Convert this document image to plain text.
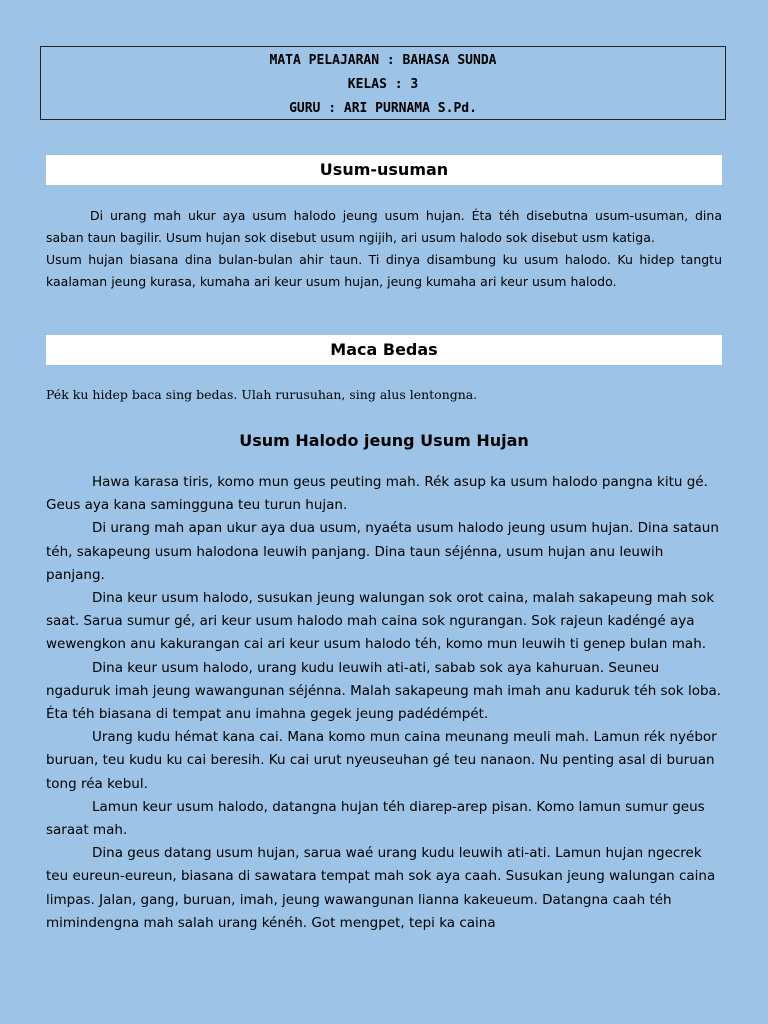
MATA PELAJARAN : BAHASA SUNDA
KELAS : 3
GURU : ARI PURNAMA S.Pd.
Usum-usuman

Di urang mah ukur aya usum halodo jeung usum hujan. Éta téh disebutna usum-usuman, dina saban taun bagilir. Usum hujan sok disebut usum ngijih, ari usum halodo sok disebut usm katiga.

Usum hujan biasana dina bulan-bulan ahir taun. Ti dinya disambung ku usum halodo. Ku hidep tangtu kaalaman jeung kurasa, kumaha ari keur usum hujan, jeung kumaha ari keur usum halodo.

Maca Bedas
Pék ku hidep baca sing bedas. Ulah rurusuhan, sing alus lentongna.
Usum Halodo jeung Usum Hujan

Hawa karasa tiris, komo mun geus peuting mah. Rék asup ka usum halodo pangna kitu gé. Geus aya kana samingguna teu turun hujan.

Di urang mah apan ukur aya dua usum, nyaéta usum halodo jeung usum hujan. Dina sataun téh, sakapeung usum halodona leuwih panjang. Dina taun séjénna, usum hujan anu leuwih panjang.

Dina keur usum halodo, susukan jeung walungan sok orot caina, malah sakapeung mah sok saat. Sarua sumur gé, ari keur usum halodo mah caina sok ngurangan. Sok rajeun kadéngé aya wewengkon anu kakurangan cai ari keur usum halodo téh, komo mun leuwih ti genep bulan mah.

Dina keur usum halodo, urang kudu leuwih ati-ati, sabab sok aya kahuruan. Seuneu ngaduruk imah jeung wawangunan séjénna. Malah sakapeung mah imah anu kaduruk téh sok loba. Éta téh biasana di tempat anu imahna gegek jeung padédémpét.

Urang kudu hémat kana cai. Mana komo mun caina meunang meuli mah. Lamun rék nyébor buruan, teu kudu ku cai beresih. Ku cai urut nyeuseuhan gé teu nanaon. Nu penting asal di buruan tong réa kebul.

Lamun keur usum halodo, datangna hujan téh diarep-arep pisan. Komo lamun sumur geus saraat mah.

Dina geus datang usum hujan, sarua waé urang kudu leuwih ati-ati. Lamun hujan ngecrek teu eureun-eureun, biasana di sawatara tempat mah sok aya caah. Susukan jeung walungan caina limpas. Jalan, gang, buruan, imah, jeung wawangunan lianna kakeueum. Datangna caah téh mimindengna mah salah urang kénéh. Got mengpet, tepi ka caina
